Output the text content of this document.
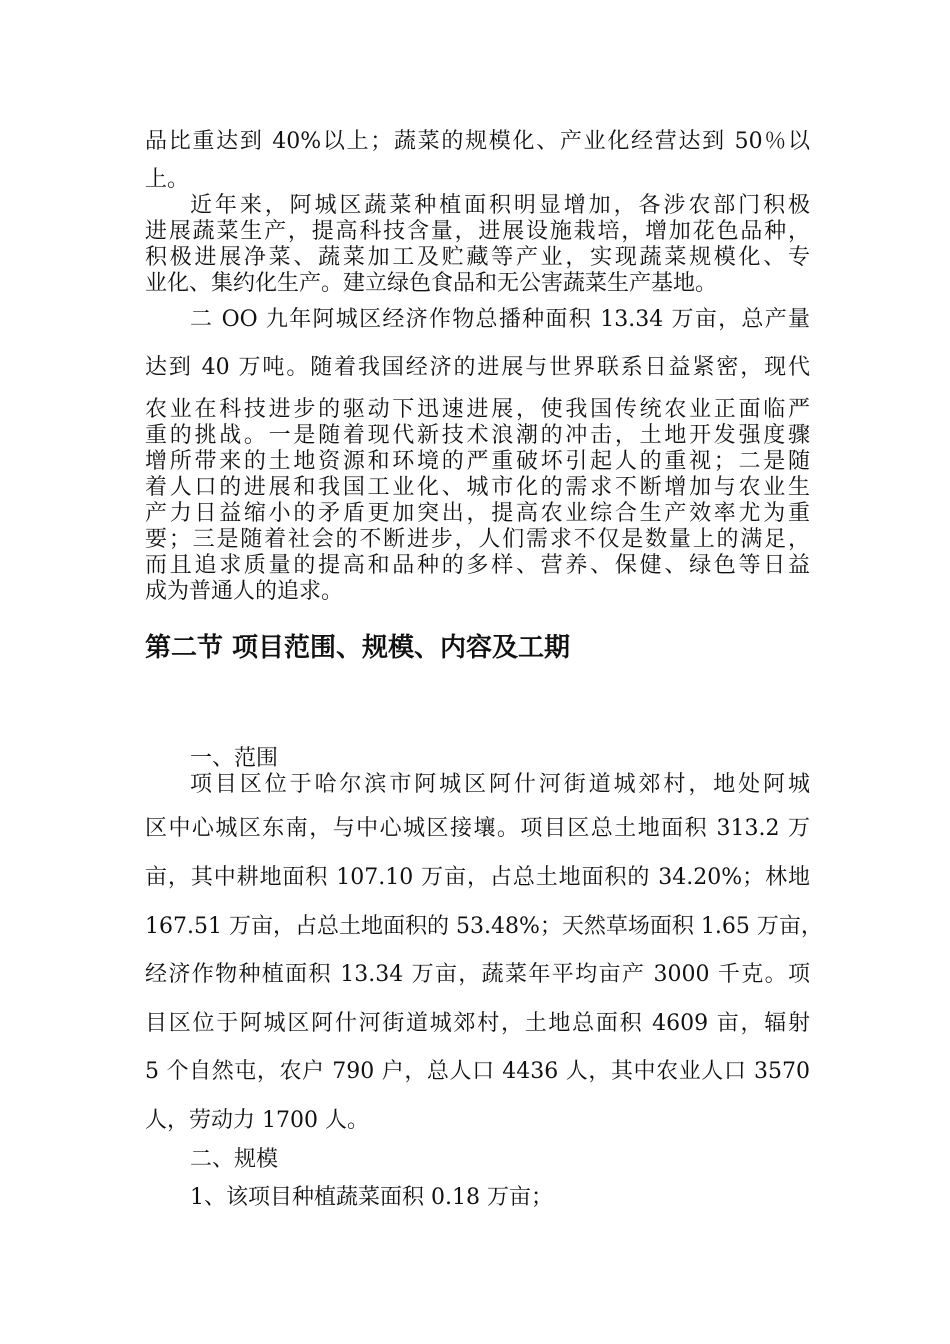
品比重达到 40%以上；蔬菜的规模化、产业化经营达到 50％以
上。
近年来，阿城区蔬菜种植面积明显增加，各涉农部门积极
进展蔬菜生产，提高科技含量，进展设施栽培，增加花色品种，
积极进展净菜、蔬菜加工及贮藏等产业，实现蔬菜规模化、专
业化、集约化生产。建立绿色食品和无公害蔬菜生产基地。
二 OO 九年阿城区经济作物总播种面积 13.34 万亩，总产量
达到 40 万吨。随着我国经济的进展与世界联系日益紧密，现代
农业在科技进步的驱动下迅速进展，使我国传统农业正面临严
重的挑战。一是随着现代新技术浪潮的冲击，土地开发强度骤
增所带来的土地资源和环境的严重破坏引起人的重视；二是随
着人口的进展和我国工业化、城市化的需求不断增加与农业生
产力日益缩小的矛盾更加突出，提高农业综合生产效率尤为重
要；三是随着社会的不断进步，人们需求不仅是数量上的满足，
而且追求质量的提高和品种的多样、营养、保健、绿色等日益
成为普通人的追求。
第二节 项目范围、规模、内容及工期
一、范围
项目区位于哈尔滨市阿城区阿什河街道城郊村，地处阿城
区中心城区东南，与中心城区接壤。项目区总土地面积 313.2 万
亩，其中耕地面积 107.10 万亩，占总土地面积的 34.20%；林地
167.51 万亩，占总土地面积的 53.48%；天然草场面积 1.65 万亩，
经济作物种植面积 13.34 万亩，蔬菜年平均亩产 3000 千克。项
目区位于阿城区阿什河街道城郊村，土地总面积 4609 亩，辐射
5 个自然屯，农户 790 户，总人口 4436 人，其中农业人口 3570
人，劳动力 1700 人。
二、规模
1、该项目种植蔬菜面积 0.18 万亩；
